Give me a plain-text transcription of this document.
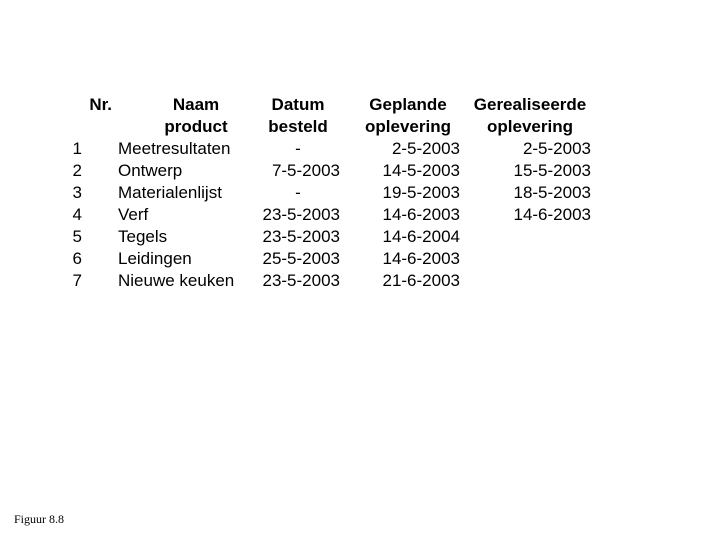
Nr.	Naam	Datum	Geplande	Gerealiseerde
product	besteld	oplevering	oplevering
1 Meetresultaten	-	2-5-2003	2-5-2003
2 Ontwerp	7-5-2003	14-5-2003	15-5-2003
3 Materialenlijst	-	19-5-2003	18-5-2003
4 Verf	23-5-2003	14-6-2003	14-6-2003
5 Tegels	23-5-2003	14-6-2004
6 Leidingen	25-5-2003	14-6-2003
7 Nieuwe keuken	23-5-2003	21-6-2003
Figuur 8.8
